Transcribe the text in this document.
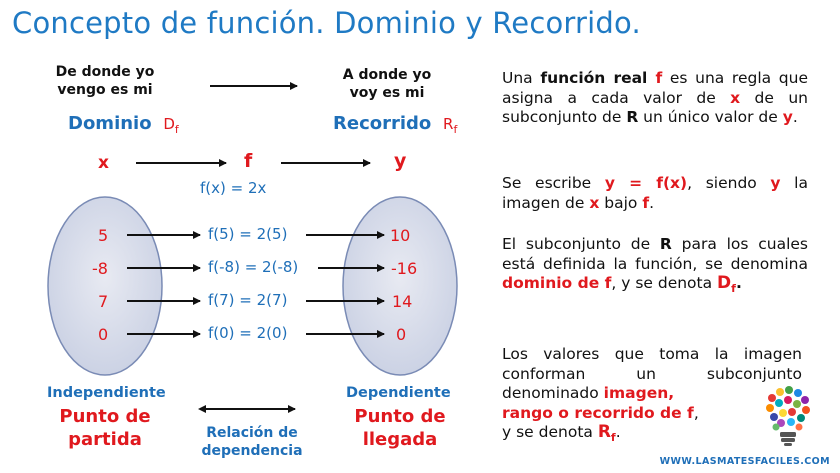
Concepto de función. Dominio y Recorrido.
De donde yo
vengo es mi
A donde yo
voy es mi
Dominio $D_f$	Recorrido $R_f$
x	f	y
f(x) = 2x
5	f(5) = 2(5)	10
-8	f(-8) = 2(-8)	-16
7	f(7) = 2(7)	14
0	f(0) = 2(0)	0
Independiente
Punto de
partida
Dependiente
Punto de
llegada
Relación de
dependencia
Una función real f es una regla que asigna a cada valor de x de un subconjunto de R un único valor de y.
Se escribe y = f(x), siendo y la imagen de x bajo f.
El subconjunto de R para los cuales está definida la función, se denomina dominio de f, y se denota $D_f$.
Los valores que toma la imagen conforman un subconjunto denominado imagen,
rango o recorrido de f,
y se denota $R_f$.
WWW.LASMATESFACILES.COM
